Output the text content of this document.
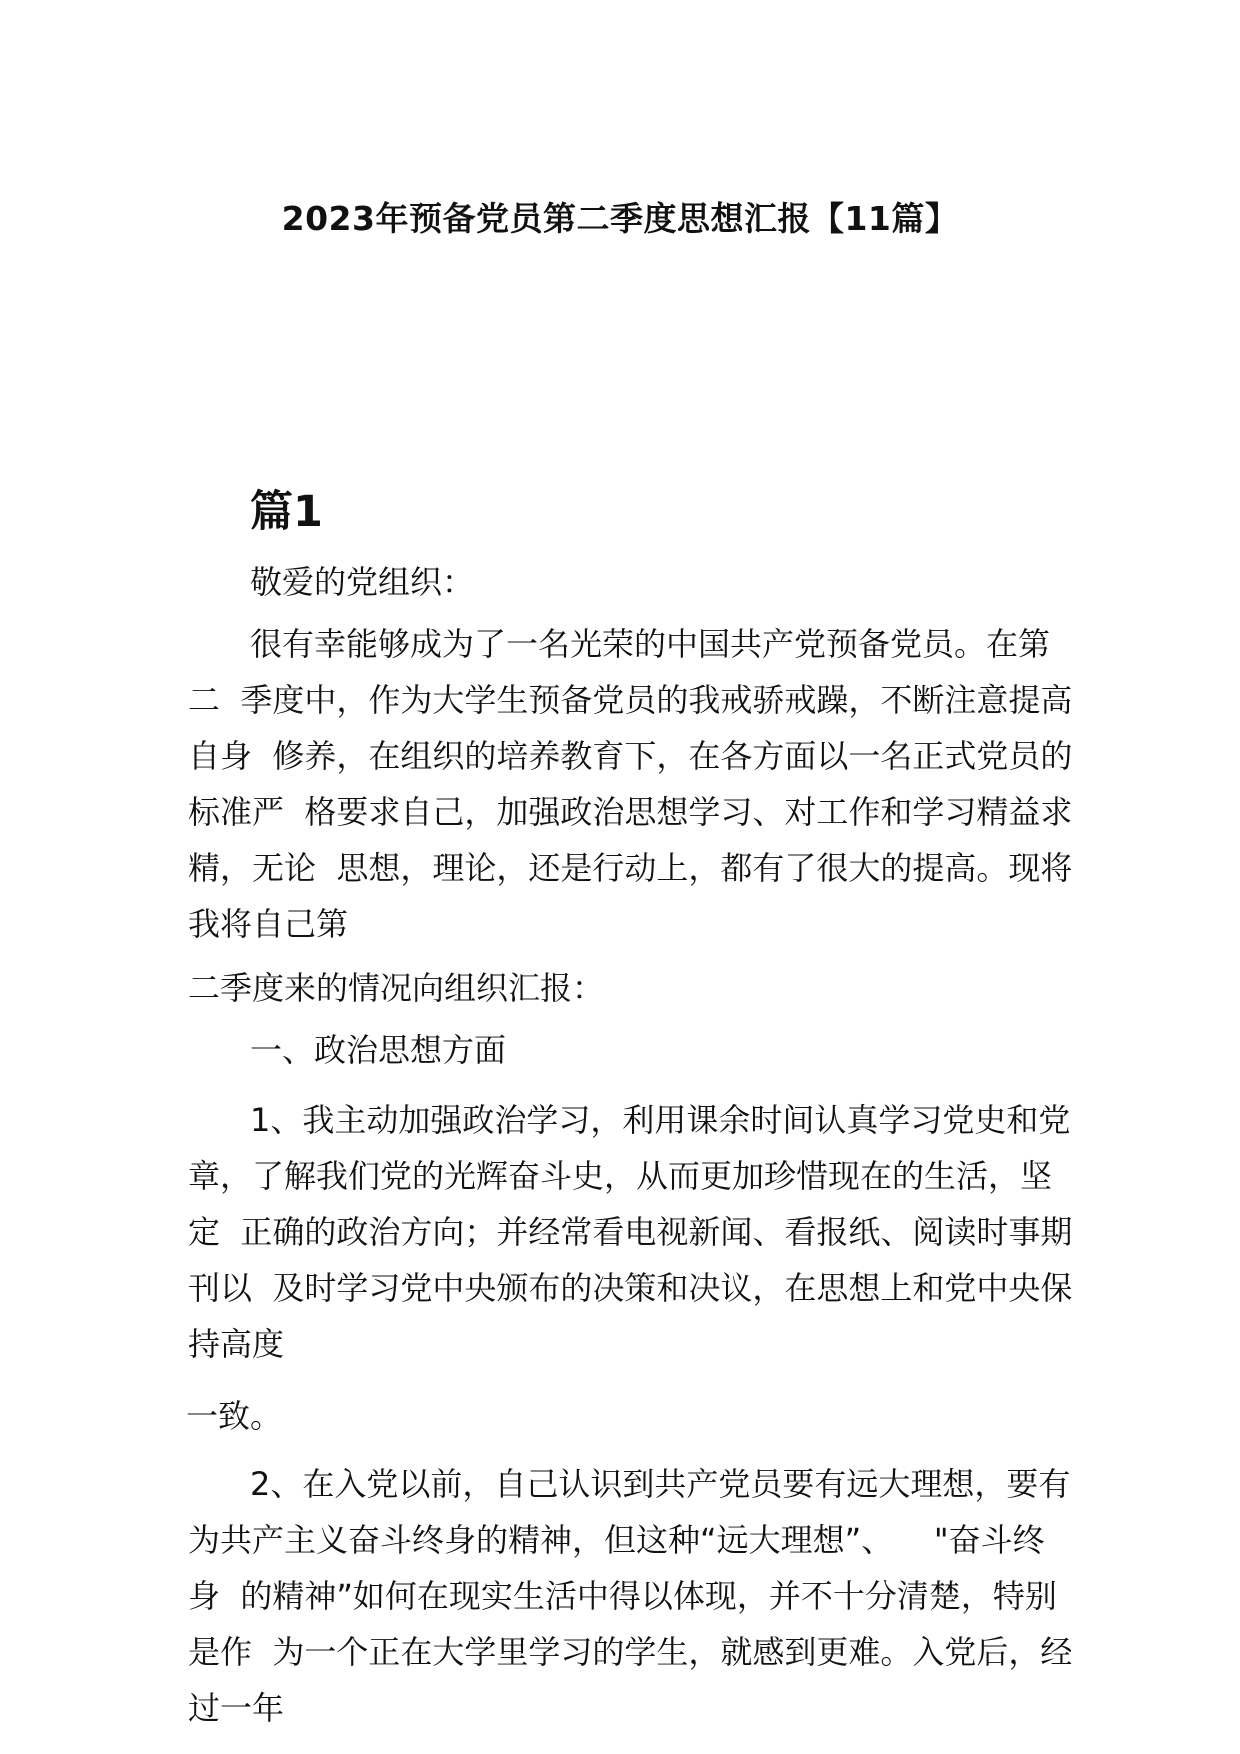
2023年预备党员第二季度思想汇报【11篇】
篇1
敬爱的党组织：
很有幸能够成为了一名光荣的中国共产党预备党员。在第
二  季度中，作为大学生预备党员的我戒骄戒躁，不断注意提高
自身  修养，在组织的培养教育下，在各方面以一名正式党员的
标准严  格要求自己，加强政治思想学习、对工作和学习精益求
精，无论  思想，理论，还是行动上，都有了很大的提高。现将
我将自己第
二季度来的情况向组织汇报：
一、政治思想方面
1、我主动加强政治学习，利用课余时间认真学习党史和党
章，了解我们党的光辉奋斗史，从而更加珍惜现在的生活，坚
定  正确的政治方向；并经常看电视新闻、看报纸、阅读时事期
刊以  及时学习党中央颁布的决策和决议，在思想上和党中央保
持高度
一致。
2、在入党以前，自己认识到共产党员要有远大理想，要有
为共产主义奋斗终身的精神，但这种“远大理想”、    "奋斗终
身  的精神”如何在现实生活中得以体现，并不十分清楚，特别
是作  为一个正在大学里学习的学生，就感到更难。入党后，经
过一年
